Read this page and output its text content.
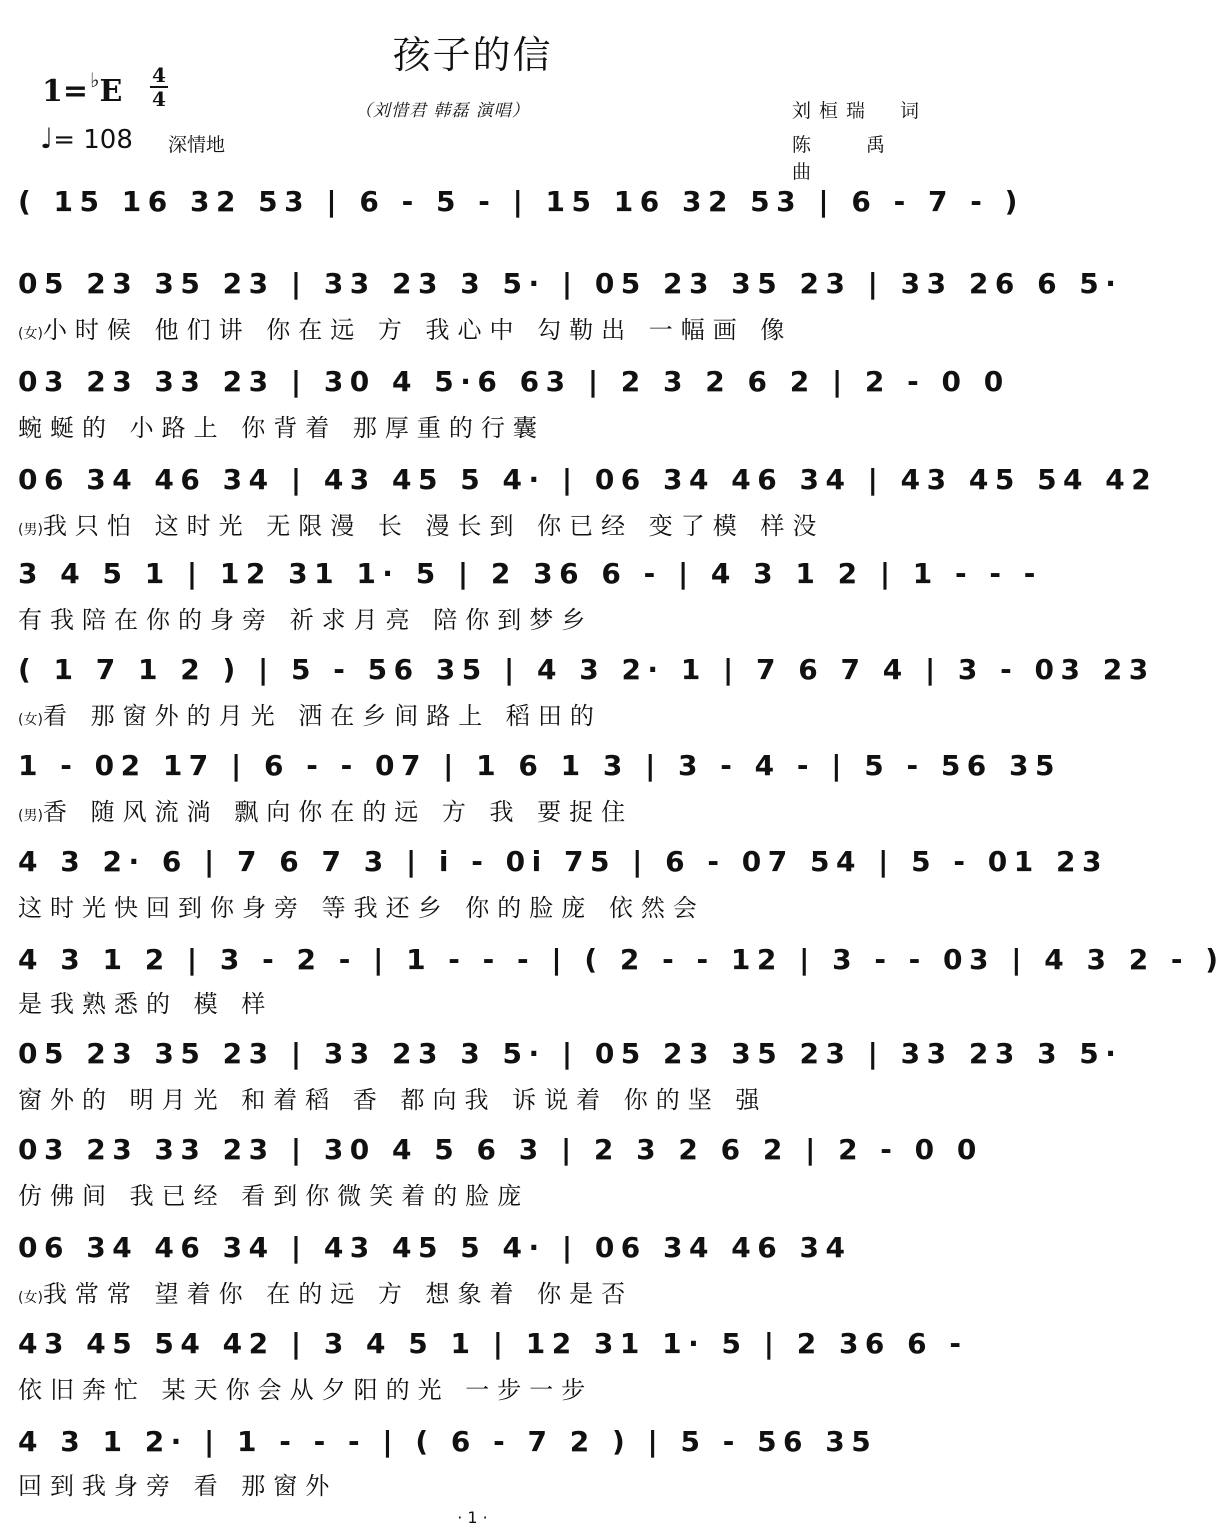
孩子的信
（刘惜君 韩磊 演唱）
1= ♭E 4
4
♩= 108 深情地
刘桓瑞　词
陈　禹　曲
( 15 16 32 53 | 6 - 5 - | 15 16 32 53 | 6 - 7 - )
05 23 35 23 | 33 23 3 5· | 05 23 35 23 | 33 26 6 5·
(女)小时候 他们讲 你在远 方 我心中 勾勒出 一幅画 像
03 23 33 23 | 30 4 5·6 63 | 2 3 2 6 2 | 2 - 0 0
蜿蜒的 小路上 你背着 那厚重的行囊
06 34 46 34 | 43 45 5 4· | 06 34 46 34 | 43 45 54 42
(男)我只怕 这时光 无限漫 长 漫长到 你已经 变了模 样没
3 4 5 1 | 12 31 1· 5 | 2 36 6 - | 4 3 1 2 | 1 - - -
有我陪在你的身旁 祈求月亮 陪你到梦乡
( 1 7 1 2 ) | 5 - 56 35 | 4 3 2· 1 | 7 6 7 4 | 3 - 03 23
(女)看 那窗外的月光 洒在乡间路上 稻田的
1 - 02 17 | 6 - - 07 | 1 6 1 3 | 3 - 4 - | 5 - 56 35
(男)香 随风流淌 飘向你在的远 方 我 要捉住
4 3 2· 6 | 7 6 7 3 | i - 0i 75 | 6 - 07 54 | 5 - 01 23
这时光快回到你身旁 等我还乡 你的脸庞 依然会
4 3 1 2 | 3 - 2 - | 1 - - - | ( 2 - - 12 | 3 - - 03 | 4 3 2 - )
是我熟悉的 模 样
05 23 35 23 | 33 23 3 5· | 05 23 35 23 | 33 23 3 5·
窗外的 明月光 和着稻 香 都向我 诉说着 你的坚 强
03 23 33 23 | 30 4 5 6 3 | 2 3 2 6 2 | 2 - 0 0
仿佛间 我已经 看到你微笑着的脸庞
06 34 46 34 | 43 45 5 4· | 06 34 46 34
(女)我常常 望着你 在的远 方 想象着 你是否
43 45 54 42 | 3 4 5 1 | 12 31 1· 5 | 2 36 6 -
依旧奔忙 某天你会从夕阳的光 一步一步
4 3 1 2· | 1 - - - | ( 6 - 7 2 ) | 5 - 56 35
回到我身旁 看 那窗外
· 1 ·
